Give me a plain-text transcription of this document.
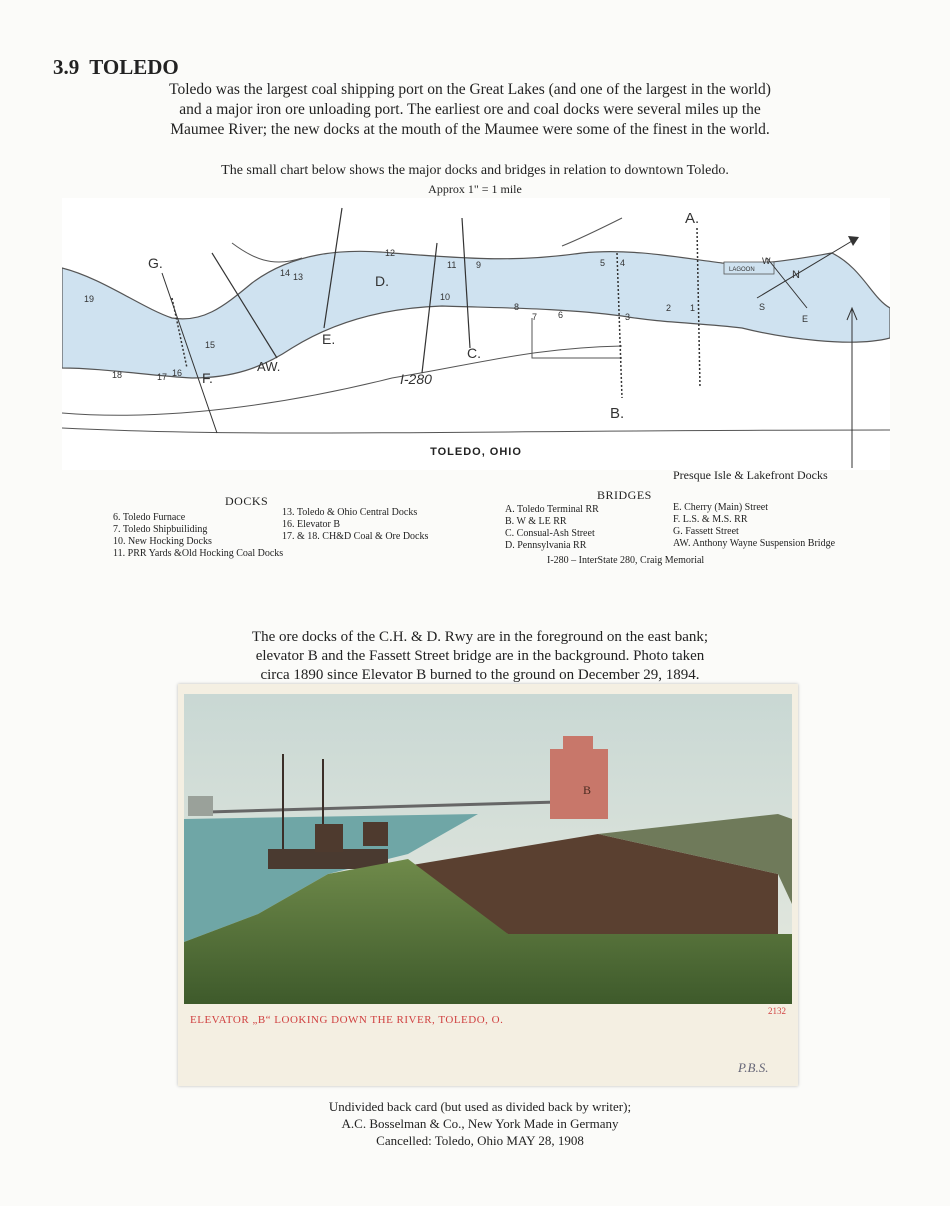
3.9 TOLEDO
Toledo was the largest coal shipping port on the Great Lakes (and one of the largest in the world)
and a major iron ore unloading port. The earliest ore and coal docks were several miles up the
Maumee River; the new docks at the mouth of the Maumee were some of the finest in the world.
The small chart below shows the major docks and bridges in relation to downtown Toledo.
Approx 1" = 1 mile
LAGOON	N
S
E
W
A.
B.
C.
D.
E.
F.
G.
AW.
I-280
1
2
3
4
5
6
7
8
9
10
11
12
13
14
15
16
17
18
19
TOLEDO, OHIO
Presque Isle & Lakefront Docks
DOCKS
6. Toledo Furnace
7. Toledo Shipbuiliding
10. New Hocking Docks
11. PRR Yards &Old Hocking Coal Docks
13. Toledo & Ohio Central Docks
16. Elevator B
17. & 18. CH&D Coal & Ore Docks
BRIDGES
A. Toledo Terminal RR
B. W & LE RR
C. Consual-Ash Street
D. Pennsylvania RR
E. Cherry (Main) Street
F. L.S. & M.S. RR
G. Fassett Street
AW. Anthony Wayne Suspension Bridge
I-280 – InterState 280, Craig Memorial
The ore docks of the C.H. & D. Rwy are in the foreground on the east bank;
elevator B and the Fassett Street bridge are in the background. Photo taken
circa 1890 since Elevator B burned to the ground on December 29, 1894.
B
ELEVATOR „B“ LOOKING DOWN THE RIVER, TOLEDO, O.
2132
P.B.S.
Undivided back card (but used as divided back by writer);
A.C. Bosselman & Co., New York Made in Germany
Cancelled: Toledo, Ohio MAY 28, 1908
